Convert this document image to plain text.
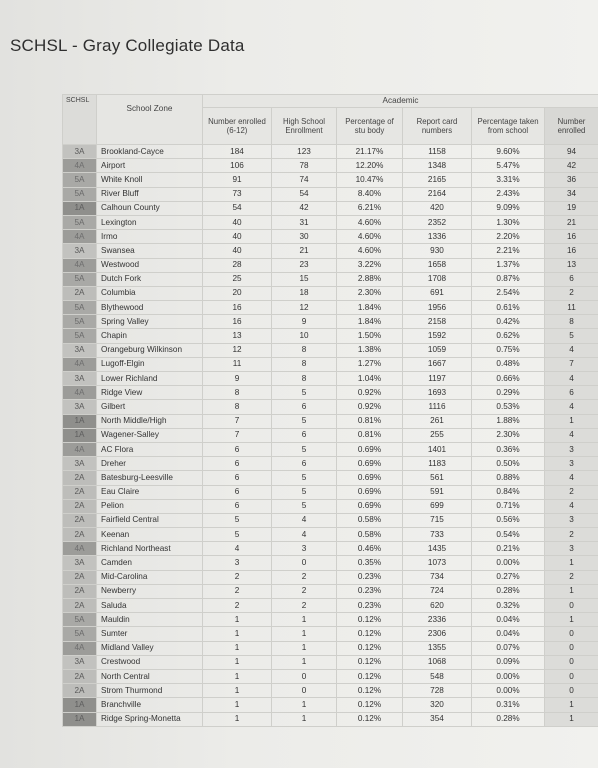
SCHSL - Gray Collegiate Data
SCHSL	School Zone	Academic					
		Number enrolled (6-12)	High School Enrollment	Percentage of stu body	Report card numbers	Percentage taken from school	Number enrolled
3A	Brookland-Cayce	184	123	21.17%	1158	9.60%	94
4A	Airport	106	78	12.20%	1348	5.47%	42
5A	White Knoll	91	74	10.47%	2165	3.31%	36
5A	River Bluff	73	54	8.40%	2164	2.43%	34
1A	Calhoun County	54	42	6.21%	420	9.09%	19
5A	Lexington	40	31	4.60%	2352	1.30%	21
4A	Irmo	40	30	4.60%	1336	2.20%	16
3A	Swansea	40	21	4.60%	930	2.21%	16
4A	Westwood	28	23	3.22%	1658	1.37%	13
5A	Dutch Fork	25	15	2.88%	1708	0.87%	6
2A	Columbia	20	18	2.30%	691	2.54%	2
5A	Blythewood	16	12	1.84%	1956	0.61%	11
5A	Spring Valley	16	9	1.84%	2158	0.42%	8
5A	Chapin	13	10	1.50%	1592	0.62%	5
3A	Orangeburg Wilkinson	12	8	1.38%	1059	0.75%	4
4A	Lugoff-Elgin	11	8	1.27%	1667	0.48%	7
3A	Lower Richland	9	8	1.04%	1197	0.66%	4
4A	Ridge View	8	5	0.92%	1693	0.29%	6
3A	Gilbert	8	6	0.92%	1116	0.53%	4
1A	North Middle/High	7	5	0.81%	261	1.88%	1
1A	Wagener-Salley	7	6	0.81%	255	2.30%	4
4A	AC Flora	6	5	0.69%	1401	0.36%	3
3A	Dreher	6	6	0.69%	1183	0.50%	3
2A	Batesburg-Leesville	6	5	0.69%	561	0.88%	4
2A	Eau Claire	6	5	0.69%	591	0.84%	2
2A	Pelion	6	5	0.69%	699	0.71%	4
2A	Fairfield Central	5	4	0.58%	715	0.56%	3
2A	Keenan	5	4	0.58%	733	0.54%	2
4A	Richland Northeast	4	3	0.46%	1435	0.21%	3
3A	Camden	3	0	0.35%	1073	0.00%	1
2A	Mid-Carolina	2	2	0.23%	734	0.27%	2
2A	Newberry	2	2	0.23%	724	0.28%	1
2A	Saluda	2	2	0.23%	620	0.32%	0
5A	Mauldin	1	1	0.12%	2336	0.04%	1
5A	Sumter	1	1	0.12%	2306	0.04%	0
4A	Midland Valley	1	1	0.12%	1355	0.07%	0
3A	Crestwood	1	1	0.12%	1068	0.09%	0
2A	North Central	1	0	0.12%	548	0.00%	0
2A	Strom Thurmond	1	0	0.12%	728	0.00%	0
1A	Branchville	1	1	0.12%	320	0.31%	1
1A	Ridge Spring-Monetta	1	1	0.12%	354	0.28%	1
